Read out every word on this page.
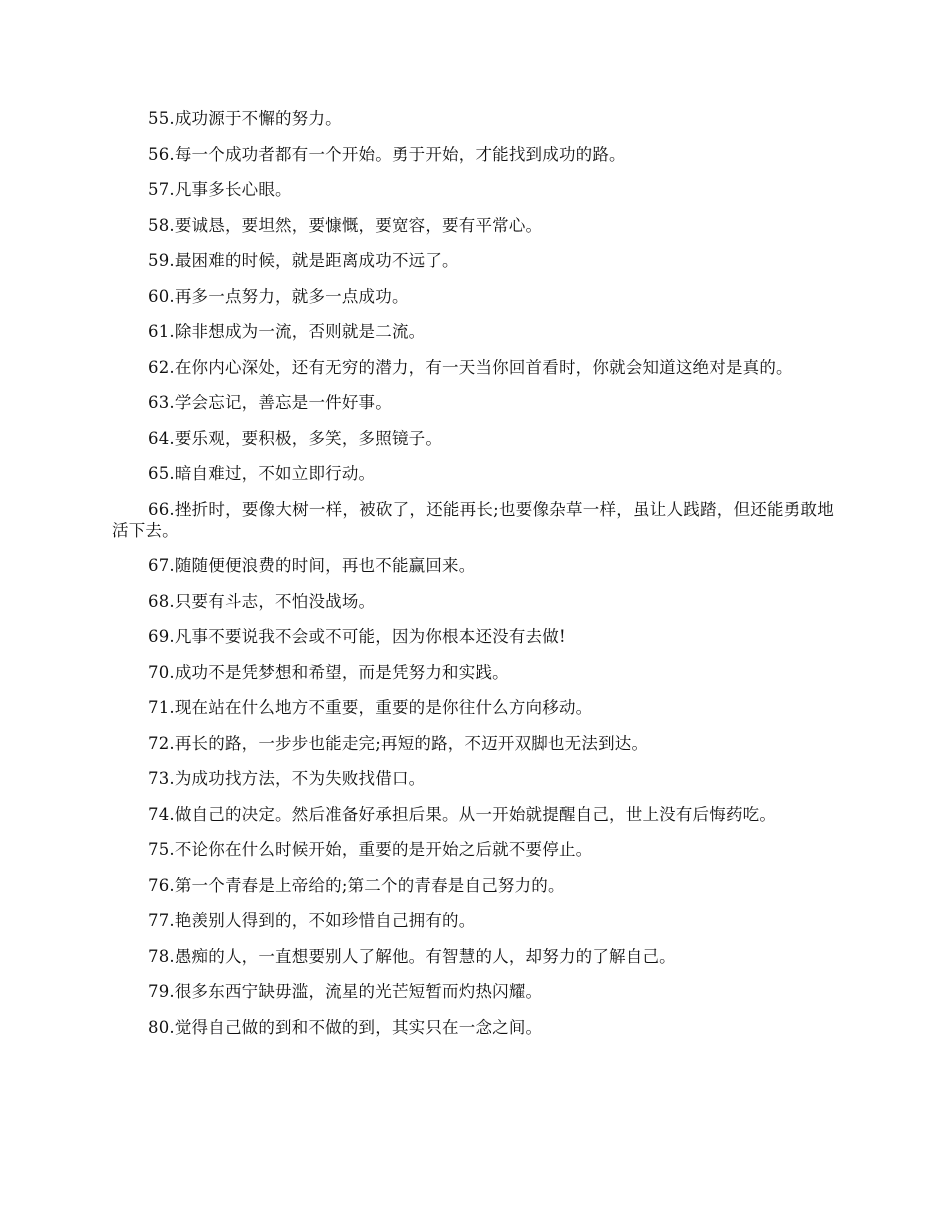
55.成功源于不懈的努力。

56.每一个成功者都有一个开始。勇于开始，才能找到成功的路。

57.凡事多长心眼。

58.要诚恳，要坦然，要慷慨，要宽容，要有平常心。

59.最困难的时候，就是距离成功不远了。

60.再多一点努力，就多一点成功。

61.除非想成为一流，否则就是二流。

62.在你内心深处，还有无穷的潜力，有一天当你回首看时，你就会知道这绝对是真的。

63.学会忘记，善忘是一件好事。

64.要乐观，要积极，多笑，多照镜子。

65.暗自难过，不如立即行动。

66.挫折时，要像大树一样，被砍了，还能再长;也要像杂草一样，虽让人践踏，但还能勇敢地活下去。

67.随随便便浪费的时间，再也不能赢回来。

68.只要有斗志，不怕没战场。

69.凡事不要说我不会或不可能，因为你根本还没有去做!

70.成功不是凭梦想和希望，而是凭努力和实践。

71.现在站在什么地方不重要，重要的是你往什么方向移动。

72.再长的路，一步步也能走完;再短的路，不迈开双脚也无法到达。

73.为成功找方法，不为失败找借口。

74.做自己的决定。然后准备好承担后果。从一开始就提醒自己，世上没有后悔药吃。

75.不论你在什么时候开始，重要的是开始之后就不要停止。

76.第一个青春是上帝给的;第二个的青春是自己努力的。

77.艳羡别人得到的，不如珍惜自己拥有的。

78.愚痴的人，一直想要别人了解他。有智慧的人，却努力的了解自己。

79.很多东西宁缺毋滥，流星的光芒短暂而灼热闪耀。

80.觉得自己做的到和不做的到，其实只在一念之间。
